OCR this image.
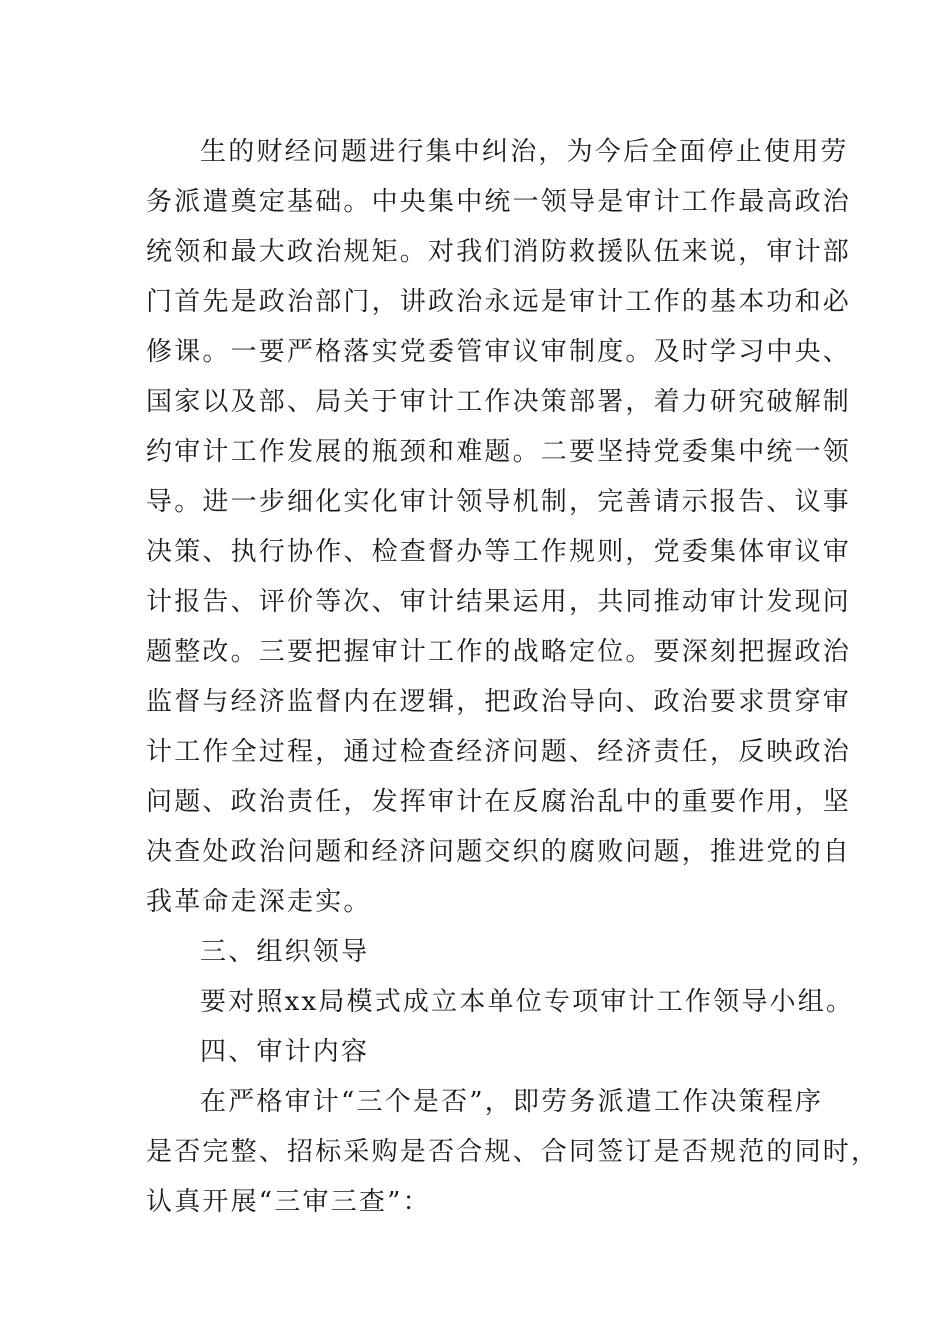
生的财经问题进行集中纠治，为今后全面停止使用劳
务派遣奠定基础。中央集中统一领导是审计工作最高政治
统领和最大政治规矩。对我们消防救援队伍来说，审计部
门首先是政治部门，讲政治永远是审计工作的基本功和必
修课。一要严格落实党委管审议审制度。及时学习中央、
国家以及部、局关于审计工作决策部署，着力研究破解制
约审计工作发展的瓶颈和难题。二要坚持党委集中统一领
导。进一步细化实化审计领导机制，完善请示报告、议事
决策、执行协作、检查督办等工作规则，党委集体审议审
计报告、评价等次、审计结果运用，共同推动审计发现问
题整改。三要把握审计工作的战略定位。要深刻把握政治
监督与经济监督内在逻辑，把政治导向、政治要求贯穿审
计工作全过程，通过检查经济问题、经济责任，反映政治
问题、政治责任，发挥审计在反腐治乱中的重要作用，坚
决查处政治问题和经济问题交织的腐败问题，推进党的自
我革命走深走实。
三、组织领导
要对照xx局模式成立本单位专项审计工作领导小组。
四、审计内容
在严格审计“三个是否”，即劳务派遣工作决策程序
是否完整、招标采购是否合规、合同签订是否规范的同时，
认真开展“三审三查”：
